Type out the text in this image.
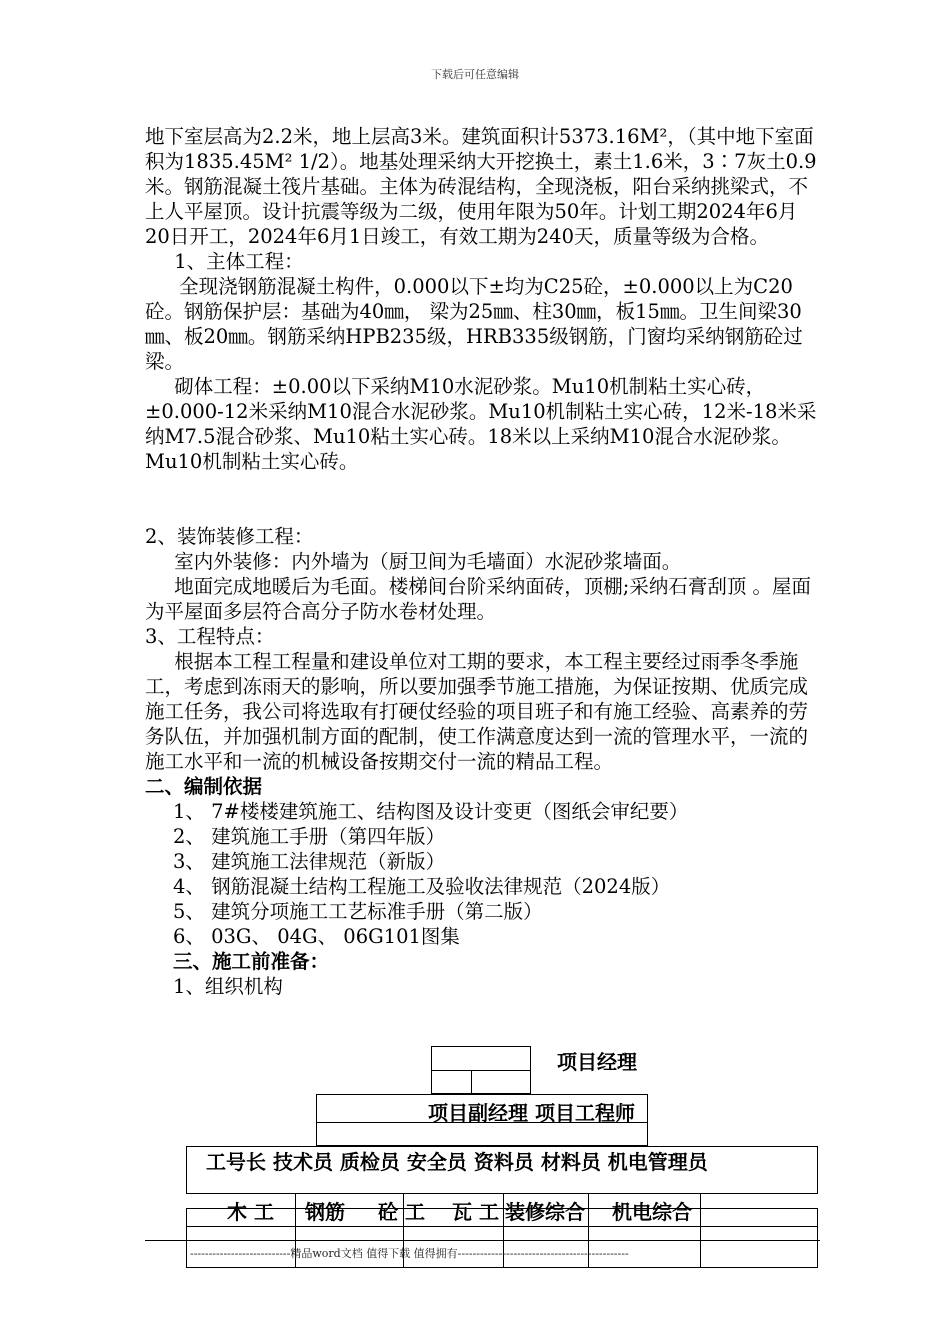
下载后可任意编辑

地下室层高为2.2米，地上层高3米。建筑面积计5373.16M²，（其中地下室面积为1835.45M² 1/2）。地基处理采纳大开挖换土，素土1.6米，3∶7灰土0.9米。钢筋混凝土筏片基础。主体为砖混结构，全现浇板，阳台采纳挑梁式，不上人平屋顶。设计抗震等级为二级，使用年限为50年。计划工期2024年6月20日开工，2024年6月1日竣工，有效工期为240天，质量等级为合格。

1、主体工程：

全现浇钢筋混凝土构件，0.000以下±均为C25砼，±0.000以上为C20砼。钢筋保护层：基础为40㎜， 梁为25㎜、柱30㎜，板15㎜。卫生间梁30 ㎜、板20㎜。钢筋采纳HPB235级，HRB335级钢筋，门窗均采纳钢筋砼过梁。

砌体工程：±0.00以下采纳M10水泥砂浆。Mu10机制粘土实心砖，±0.000-12米采纳M10混合水泥砂浆。Mu10机制粘土实心砖，12米-18米采纳M7.5混合砂浆、Mu10粘土实心砖。18米以上采纳M10混合水泥砂浆。Mu10机制粘土实心砖。

2、装饰装修工程：

室内外装修：内外墙为（厨卫间为毛墙面）水泥砂浆墙面。

地面完成地暖后为毛面。楼梯间台阶采纳面砖，顶棚;采纳石膏刮顶 。屋面为平屋面多层符合高分子防水卷材处理。

3、工程特点：

根据本工程工程量和建设单位对工期的要求，本工程主要经过雨季冬季施工，考虑到冻雨天的影响，所以要加强季节施工措施，为保证按期、优质完成施工任务，我公司将选取有打硬仗经验的项目班子和有施工经验、高素养的劳务队伍，并加强机制方面的配制，使工作满意度达到一流的管理水平，一流的施工水平和一流的机械设备按期交付一流的精品工程。

二、编制依据

1、 7#楼楼建筑施工、结构图及设计变更（图纸会审纪要）

2、 建筑施工手册（第四年版）

3、 建筑施工法律规范（新版）

4、 钢筋混凝土结构工程施工及验收法律规范（2024版）

5、 建筑分项施工工艺标准手册（第二版）

6、 03G、 04G、 06G101图集

三、施工前准备：

1、组织机构

项目经理
项目副经理 项目工程师
工号长 技术员 质检员 安全员 资料员 材料员 机电管理员
木 工 钢筋 砼 工 瓦 工 装修综合 机电综合
---------------------------精品word文档 值得下载 值得拥有----------------------------------------------
